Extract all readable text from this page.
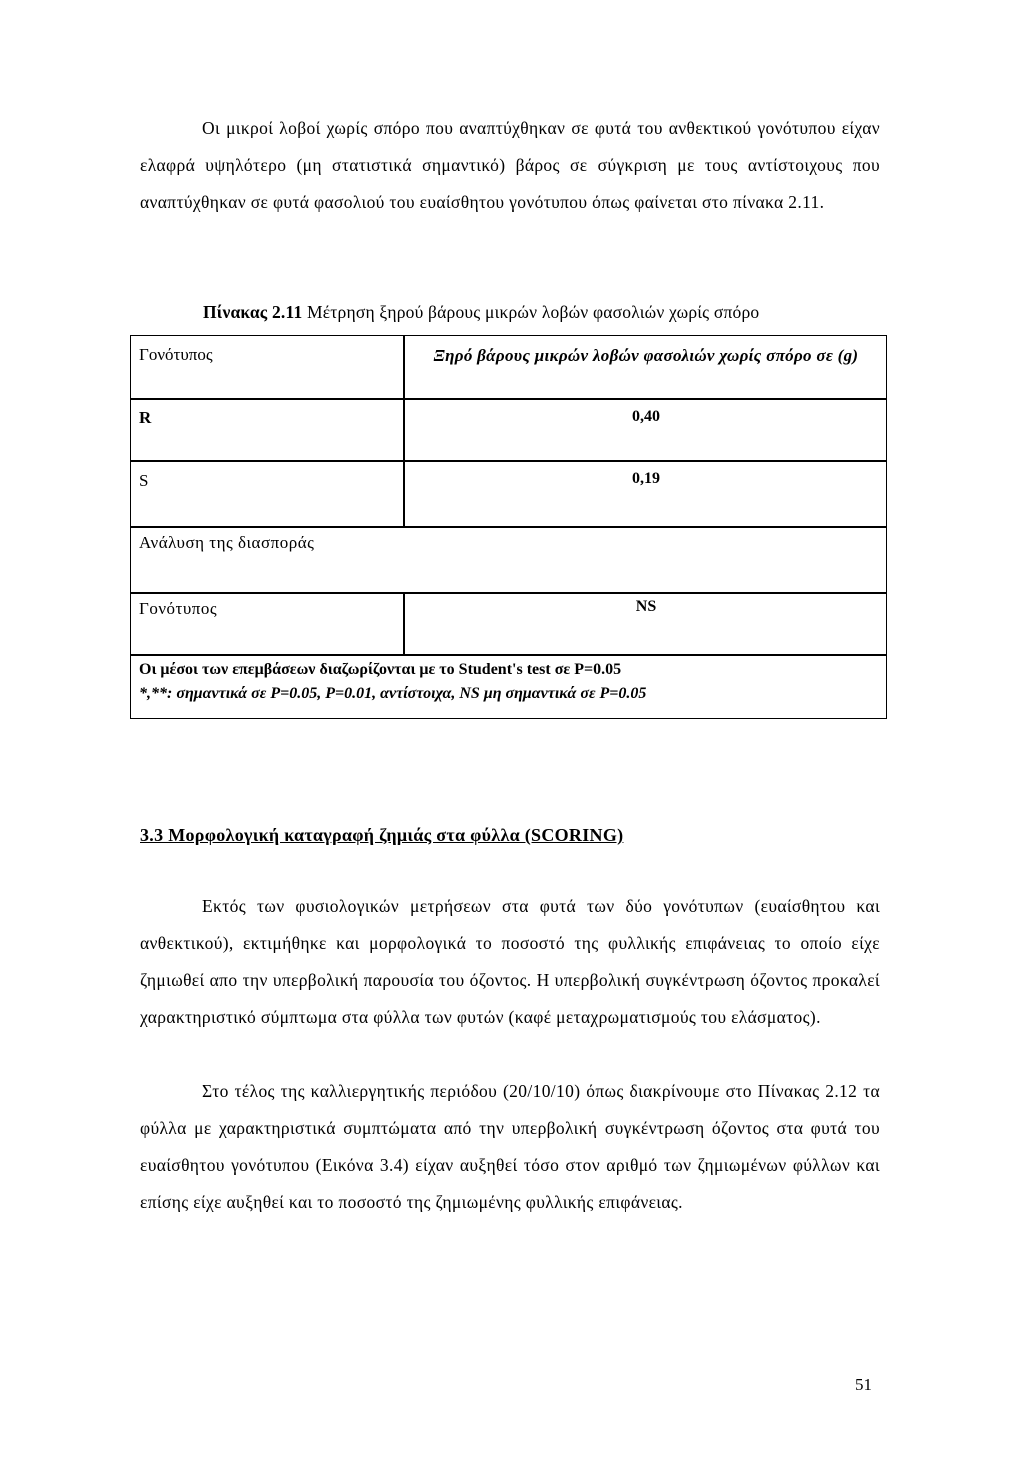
Οι μικροί λοβοί χωρίς σπόρο που αναπτύχθηκαν σε φυτά του ανθεκτικού γονότυπου είχαν ελαφρά υψηλότερο (μη στατιστικά σημαντικό) βάρος σε σύγκριση με τους αντίστοιχους που αναπτύχθηκαν σε φυτά φασολιού του ευαίσθητου γονότυπου όπως φαίνεται στο πίνακα 2.11.

Πίνακας 2.11 Μέτρηση ξηρού βάρους μικρών λοβών φασολιών χωρίς σπόρο
Γονότυπος	Ξηρό βάρους μικρών λοβών φασολιών χωρίς σπόρο σε (g)
R	0,40
S	0,19
Ανάλυση της διασποράς
Γονότυπος	NS
Οι μέσοι των επεμβάσεων διαζωρίζονται με το Student's test σε P=0.05
*,**: σημαντικά σε P=0.05, P=0.01, αντίστοιχα, NS μη σημαντικά σε P=0.05
3.3 Μορφολογική καταγραφή ζημιάς στα φύλλα (SCORING)

Εκτός των φυσιολογικών μετρήσεων στα φυτά των δύο γονότυπων (ευαίσθητου και ανθεκτικού), εκτιμήθηκε και μορφολογικά το ποσοστό της φυλλικής επιφάνειας το οποίο είχε ζημιωθεί απο την υπερβολική παρουσία του όζοντος. Η υπερβολική συγκέντρωση όζοντος προκαλεί χαρακτηριστικό σύμπτωμα στα φύλλα των φυτών (καφέ μεταχρωματισμούς του ελάσματος).

Στο τέλος της καλλιεργητικής περιόδου (20/10/10) όπως διακρίνουμε στο Πίνακας 2.12 τα φύλλα με χαρακτηριστικά συμπτώματα από την υπερβολική συγκέντρωση όζοντος στα φυτά του ευαίσθητου γονότυπου (Εικόνα 3.4) είχαν αυξηθεί τόσο στον αριθμό των ζημιωμένων φύλλων και επίσης είχε αυξηθεί και το ποσοστό της ζημιωμένης φυλλικής επιφάνειας.

51
